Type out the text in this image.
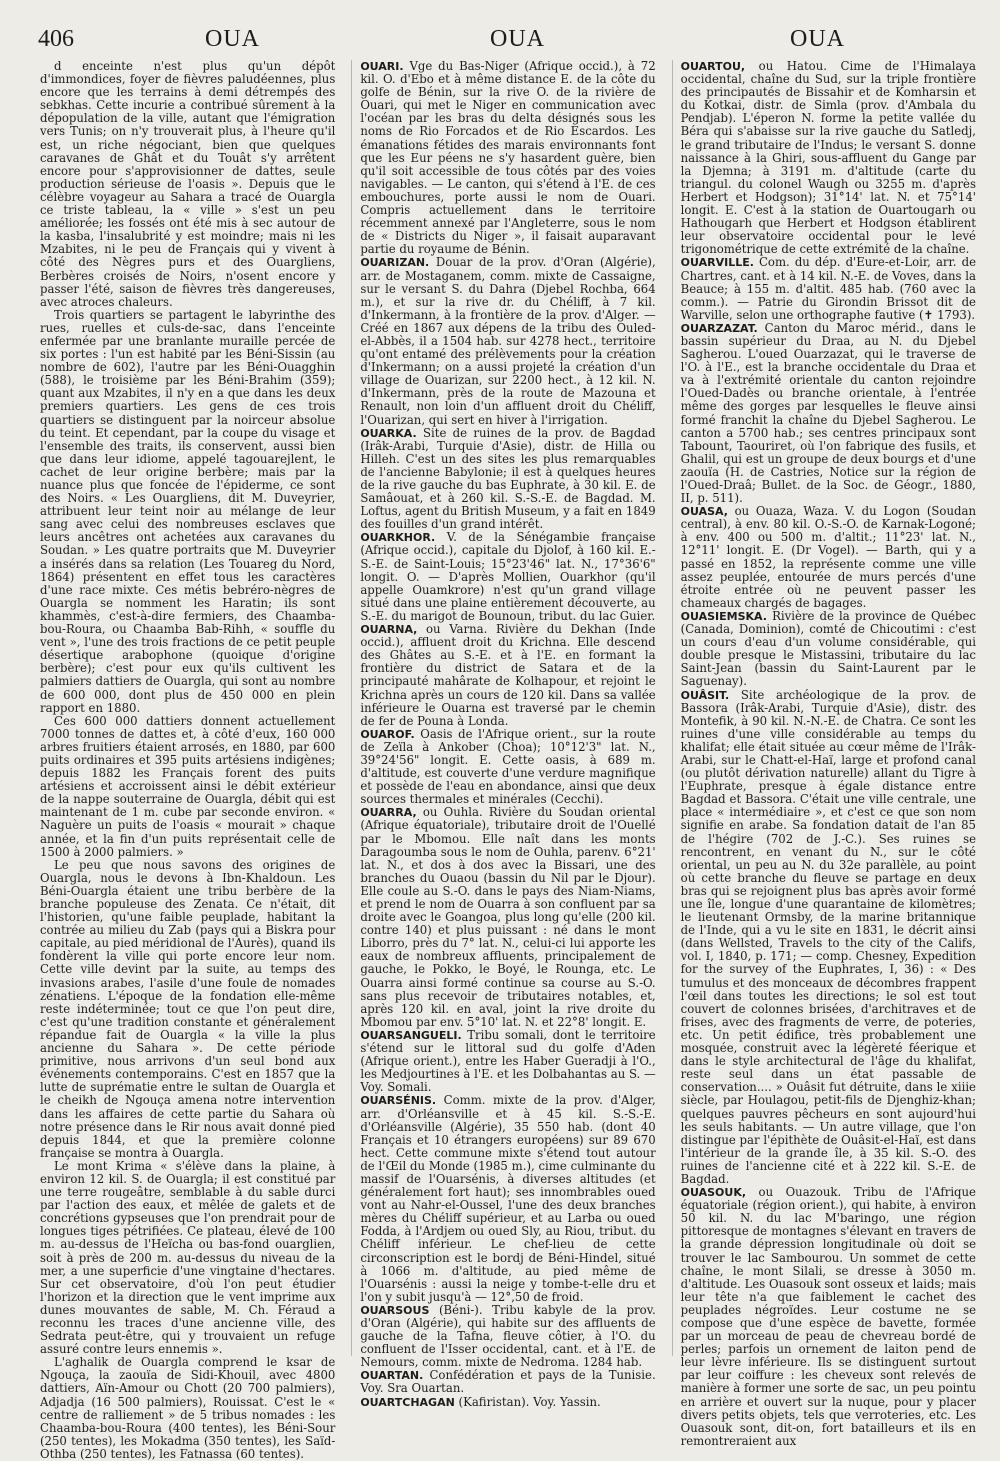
406	OUA	OUA	OUA

d enceinte n'est plus qu'un dépôt d'immondices, foyer de fièvres paludéennes, plus encore que les terrains à demi détrempés des sebkhas. Cette incurie a contribué sûrement à la dépopulation de la ville, autant que l'émigration vers Tunis; on n'y trouverait plus, à l'heure qu'il est, un riche négociant, bien que quelques caravanes de Ghât et du Touât s'y arrêtent encore pour s'approvisionner de dattes, seule production sérieuse de l'oasis ». Depuis que le célèbre voyageur au Sahara a tracé de Ouargla ce triste tableau, la « ville » s'est un peu améliorée; les fossés ont été mis à sec autour de la kasba, l'insalubrité y est moindre; mais ni les Mzabites, ni le peu de Français qui y vivent à côté des Nègres purs et des Ouargliens, Berbères croisés de Noirs, n'osent encore y passer l'été, saison de fièvres très dangereuses, avec atroces chaleurs.

Trois quartiers se partagent le labyrinthe des rues, ruelles et culs-de-sac, dans l'enceinte enfermée par une branlante muraille percée de six portes : l'un est habité par les Béni-Sissin (au nombre de 602), l'autre par les Béni-Ouagghin (588), le troisième par les Béni-Brahim (359); quant aux Mzabites, il n'y en a que dans les deux premiers quartiers. Les gens de ces trois quartiers se distinguent par la noirceur absolue du teint. Et cependant, par la coupe du visage et l'ensemble des traits, ils conservent, aussi bien que dans leur idiome, appelé tagouarejlent, le cachet de leur origine berbère; mais par la nuance plus que foncée de l'épiderme, ce sont des Noirs. « Les Ouargliens, dit M. Duveyrier, attribuent leur teint noir au mélange de leur sang avec celui des nombreuses esclaves que leurs ancêtres ont achetées aux caravanes du Soudan. » Les quatre portraits que M. Duveyrier a insérés dans sa relation (Les Touareg du Nord, 1864) présentent en effet tous les caractères d'une race mixte. Ces métis bebréro-nègres de Ouargla se nomment les Haratin; ils sont khammès, c'est-à-dire fermiers, des Chaamba-bou-Roura, ou Chaamba Bab-Rihh, « souffle du vent », l'une des trois fractions de ce petit peuple désertique arabophone (quoique d'origine berbère); c'est pour eux qu'ils cultivent les palmiers dattiers de Ouargla, qui sont au nombre de 600 000, dont plus de 450 000 en plein rapport en 1880.

Ces 600 000 dattiers donnent actuellement 7000 tonnes de dattes et, à côté d'eux, 160 000 arbres fruitiers étaient arrosés, en 1880, par 600 puits ordinaires et 395 puits artésiens indigènes; depuis 1882 les Français forent des puits artésiens et accroissent ainsi le débit extérieur de la nappe souterraine de Ouargla, débit qui est maintenant de 1 m. cube par seconde environ. « Naguère un puits de l'oasis « mourait » chaque année, et la fin d'un puits représentait celle de 1500 à 2000 palmiers. »

Le peu que nous savons des origines de Ouargla, nous le devons à Ibn-Khaldoun. Les Béni-Ouargla étaient une tribu berbère de la branche populeuse des Zenata. Ce n'était, dit l'historien, qu'une faible peuplade, habitant la contrée au milieu du Zab (pays qui a Biskra pour capitale, au pied méridional de l'Aurès), quand ils fondèrent la ville qui porte encore leur nom. Cette ville devint par la suite, au temps des invasions arabes, l'asile d'une foule de nomades zénatiens. L'époque de la fondation elle-même reste indéterminée; tout ce que l'on peut dire, c'est qu'une tradition constante et généralement répandue fait de Ouargla « la ville la plus ancienne du Sahara ». De cette période primitive, nous arrivons d'un seul bond aux événements contemporains. C'est en 1857 que la lutte de suprématie entre le sultan de Ouargla et le cheikh de Ngouça amena notre intervention dans les affaires de cette partie du Sahara où notre présence dans le Rir nous avait donné pied depuis 1844, et que la première colonne française se montra à Ouargla.

Le mont Krima « s'élève dans la plaine, à environ 12 kil. S. de Ouargla; il est constitué par une terre rougeâtre, semblable à du sable durci par l'action des eaux, et mêlée de galets et de concrétions gypseuses que l'on prendrait pour de longues tiges pétrifiées. Ce plateau, élevé de 100 m. au-dessus de l'Heïcha ou bas-fond ouarglien, soit à près de 200 m. au-dessus du niveau de la mer, a une superficie d'une vingtaine d'hectares. Sur cet observatoire, d'où l'on peut étudier l'horizon et la direction que le vent imprime aux dunes mouvantes de sable, M. Ch. Féraud a reconnu les traces d'une ancienne ville, des Sedrata peut-être, qui y trouvaient un refuge assuré contre leurs ennemis ».

L'aghalik de Ouargla comprend le ksar de Ngouça, la zaouïa de Sidi-Khouil, avec 4800 dattiers, Aïn-Amour ou Chott (20 700 palmiers), Adjadja (16 500 palmiers), Rouissat. C'est le « centre de ralliement » de 5 tribus nomades : les Chaamba-bou-Roura (400 tentes), les Béni-Sour (250 tentes), les Mokadma (350 tentes), les Saïd-Othba (250 tentes), les Fatnassa (60 tentes).

OUARI. Vge du Bas-Niger (Afrique occid.), à 72 kil. O. d'Ebo et à même distance E. de la côte du golfe de Bénin, sur la rive O. de la rivière de Ouari, qui met le Niger en communication avec l'océan par les bras du delta désignés sous les noms de Rio Forcados et de Rio Escardos. Les émanations fétides des marais environnants font que les Eur péens ne s'y hasardent guère, bien qu'il soit accessible de tous côtés par des voies navigables. — Le canton, qui s'étend à l'E. de ces embouchures, porte aussi le nom de Ouari. Compris actuellement dans le territoire récemment annexé par l'Angleterre, sous le nom de « Districts du Niger », il faisait auparavant partie du royaume de Bénin.

OUARIZAN. Douar de la prov. d'Oran (Algérie), arr. de Mostaganem, comm. mixte de Cassaigne, sur le versant S. du Dahra (Djebel Rochba, 664 m.), et sur la rive dr. du Chéliff, à 7 kil. d'Inkermann, à la frontière de la prov. d'Alger. — Créé en 1867 aux dépens de la tribu des Ouled-el-Abbès, il a 1504 hab. sur 4278 hect., territoire qu'ont entamé des prélèvements pour la création d'Inkermann; on a aussi projeté la création d'un village de Ouarizan, sur 2200 hect., à 12 kil. N. d'Inkermann, près de la route de Mazouna et Renault, non loin d'un affluent droit du Chéliff, l'Ouarizan, qui sert en hiver à l'irrigation.

OUARKA. Site de ruines de la prov. de Bagdad (Irâk-Arabi, Turquie d'Asie), distr. de Hilla ou Hilleh. C'est un des sites les plus remarquables de l'ancienne Babylonie; il est à quelques heures de la rive gauche du bas Euphrate, à 30 kil. E. de Samâouat, et à 260 kil. S.-S.-E. de Bagdad. M. Loftus, agent du British Museum, y a fait en 1849 des fouilles d'un grand intérêt.

OUARKHOR. V. de la Sénégambie française (Afrique occid.), capitale du Djolof, à 160 kil. E.-S.-E. de Saint-Louis; 15°23'46" lat. N., 17°36'6" longit. O. — D'après Mollien, Ouarkhor (qu'il appelle Ouamkrore) n'est qu'un grand village situé dans une plaine entièrement découverte, au S.-E. du marigot de Bounoun, tribut. du lac Guier.

OUARNA, ou Varna. Rivière du Dekhan (Inde occid.), affluent droit du Krichna. Elle descend des Ghâtes au S.-E. et à l'E. en formant la frontière du district de Satara et de la principauté mahârate de Kolhapour, et rejoint le Krichna après un cours de 120 kil. Dans sa vallée inférieure le Ouarna est traversé par le chemin de fer de Pouna à Londa.

OUAROF. Oasis de l'Afrique orient., sur la route de Zeïla à Ankober (Choa); 10°12'3" lat. N., 39°24'56" longit. E. Cette oasis, à 689 m. d'altitude, est couverte d'une verdure magnifique et possède de l'eau en abondance, ainsi que deux sources thermales et minérales (Cecchi).

OUARRA, ou Ouhla. Rivière du Soudan oriental (Afrique équatoriale), tributaire droit de l'Ouellé par le Mbomou. Elle naît dans les monts Daragoumba sous le nom de Ouhla, parenv. 6°21' lat. N., et dos à dos avec la Bissari, une des branches du Ouaou (bassin du Nil par le Djour). Elle coule au S.-O. dans le pays des Niam-Niams, et prend le nom de Ouarra à son confluent par sa droite avec le Goangoa, plus long qu'elle (200 kil. contre 140) et plus puissant : né dans le mont Liborro, près du 7° lat. N., celui-ci lui apporte les eaux de nombreux affluents, principalement de gauche, le Pokko, le Boyé, le Rounga, etc. Le Ouarra ainsi formé continue sa course au S.-O. sans plus recevoir de tributaires notables, et, après 120 kil. en aval, joint la rive droite du Mbomou par env. 5°10' lat. N. et 22°8' longit. E.

OUARSANGUELI. Tribu somali, dont le territoire s'étend sur le littoral sud du golfe d'Aden (Afrique orient.), entre les Haber Gueradji à l'O., les Medjourtines à l'E. et les Dolbahantas au S. — Voy. Somali.

OUARSÉNIS. Comm. mixte de la prov. d'Alger, arr. d'Orléansville et à 45 kil. S.-S.-E. d'Orléansville (Algérie), 35 550 hab. (dont 40 Français et 10 étrangers européens) sur 89 670 hect. Cette commune mixte s'étend tout autour de l'Œil du Monde (1985 m.), cime culminante du massif de l'Ouarsénis, à diverses altitudes (et généralement fort haut); ses innombrables oued vont au Nahr-el-Oussel, l'une des deux branches mères du Chéliff supérieur, et au Larba ou oued Fodda, à l'Ardjem ou oued Sly, au Riou, tribut. du Chéliff inférieur. Le chef-lieu de cette circonscription est le bordj de Béni-Hindel, situé à 1066 m. d'altitude, au pied même de l'Ouarsénis : aussi la neige y tombe-t-elle dru et l'on y subit jusqu'à — 12°,50 de froid.

OUARSOUS (Béni-). Tribu kabyle de la prov. d'Oran (Algérie), qui habite sur des affluents de gauche de la Tafna, fleuve côtier, à l'O. du confluent de l'Isser occidental, cant. et à l'E. de Nemours, comm. mixte de Nedroma. 1284 hab.

OUARTAN. Confédération et pays de la Tunisie. Voy. Sra Ouartan.

OUARTCHAGAN (Kafiristan). Voy. Yassin.

OUARTOU, ou Hatou. Cime de l'Himalaya occidental, chaîne du Sud, sur la triple frontière des principautés de Bissahir et de Komharsin et du Kotkai, distr. de Simla (prov. d'Ambala du Pendjab). L'éperon N. forme la petite vallée du Béra qui s'abaisse sur la rive gauche du Satledj, le grand tributaire de l'Indus; le versant S. donne naissance à la Ghiri, sous-affluent du Gange par la Djemna; à 3191 m. d'altitude (carte du triangul. du colonel Waugh ou 3255 m. d'après Herbert et Hodgson); 31°14' lat. N. et 75°14' longit. E. C'est à la station de Ouartougarh ou Hathougarh que Herbert et Hodgson établirent leur observatoire occidental pour le levé trigonométrique de cette extrémité de la chaîne.

OUARVILLE. Com. du dép. d'Eure-et-Loir, arr. de Chartres, cant. et à 14 kil. N.-E. de Voves, dans la Beauce; à 155 m. d'altit. 485 hab. (760 avec la comm.). — Patrie du Girondin Brissot dit de Warville, selon une orthographe fautive (✝ 1793).

OUARZAZAT. Canton du Maroc mérid., dans le bassin supérieur du Draa, au N. du Djebel Sagherou. L'oued Ouarzazat, qui le traverse de l'O. à l'E., est la branche occidentale du Draa et va à l'extrémité orientale du canton rejoindre l'Oued-Dadès ou branche orientale, à l'entrée même des gorges par lesquelles le fleuve ainsi formé franchit la chaîne du Djebel Sagherou. Le canton a 5700 hab.; ses centres principaux sont Tabount, Taouriret, où l'on fabrique des fusils, et Ghalil, qui est un groupe de deux bourgs et d'une zaouïa (H. de Castries, Notice sur la région de l'Oued-Draâ; Bullet. de la Soc. de Géogr., 1880, II, p. 511).

OUASA, ou Ouaza, Waza. V. du Logon (Soudan central), à env. 80 kil. O.-S.-O. de Karnak-Logoné; à env. 400 ou 500 m. d'altit.; 11°23' lat. N., 12°11' longit. E. (Dr Vogel). — Barth, qui y a passé en 1852, la représente comme une ville assez peuplée, entourée de murs percés d'une étroite entrée où ne peuvent passer les chameaux chargés de bagages.

OUASIEMSKA. Rivière de la province de Québec (Canada, Dominion), comté de Chicoutimi : c'est un cours d'eau d'un volume considérable, qui double presque le Mistassini, tributaire du lac Saint-Jean (bassin du Saint-Laurent par le Saguenay).

OUÂSIT. Site archéologique de la prov. de Bassora (Irâk-Arabi, Turquie d'Asie), distr. des Montefik, à 90 kil. N.-N.-E. de Chatra. Ce sont les ruines d'une ville considérable au temps du khalifat; elle était située au cœur même de l'Irâk-Arabi, sur le Chatt-el-Haï, large et profond canal (ou plutôt dérivation naturelle) allant du Tigre à l'Euphrate, presque à égale distance entre Bagdad et Bassora. C'était une ville centrale, une place « intermédiaire », et c'est ce que son nom signifie en arabe. Sa fondation datait de l'an 85 de l'hégire (702 de J.-C.). Ses ruines se rencontrent, en venant du N., sur le côté oriental, un peu au N. du 32e parallèle, au point où cette branche du fleuve se partage en deux bras qui se rejoignent plus bas après avoir formé une île, longue d'une quarantaine de kilomètres; le lieutenant Ormsby, de la marine britannique de l'Inde, qui a vu le site en 1831, le décrit ainsi (dans Wellsted, Travels to the city of the Califs, vol. I, 1840, p. 171; — comp. Chesney, Expedition for the survey of the Euphrates, I, 36) : « Des tumulus et des monceaux de décombres frappent l'œil dans toutes les directions; le sol est tout couvert de colonnes brisées, d'architraves et de frises, avec des fragments de verre, de poteries, etc. Un petit édifice, très probablement une mosquée, construit avec la légèreté féerique et dans le style architectural de l'âge du khalifat, reste seul dans un état passable de conservation.... » Ouâsit fut détruite, dans le xiiie siècle, par Houlagou, petit-fils de Djenghiz-khan; quelques pauvres pêcheurs en sont aujourd'hui les seuls habitants. — Un autre village, que l'on distingue par l'épithète de Ouâsit-el-Haï, est dans l'intérieur de la grande île, à 35 kil. S.-O. des ruines de l'ancienne cité et à 222 kil. S.-E. de Bagdad.

OUASOUK, ou Ouazouk. Tribu de l'Afrique équatoriale (région orient.), qui habite, à environ 50 kil. N. du lac M'baringo, une région pittoresque de montagnes s'élevant en travers de la grande dépression longitudinale où doit se trouver le lac Sambourou. Un sommet de cette chaîne, le mont Silali, se dresse à 3050 m. d'altitude. Les Ouasouk sont osseux et laids; mais leur tête n'a que faiblement le cachet des peuplades négroïdes. Leur costume ne se compose que d'une espèce de bavette, formée par un morceau de peau de chevreau bordé de perles; parfois un ornement de laiton pend de leur lèvre inférieure. Ils se distinguent surtout par leur coiffure : les cheveux sont relevés de manière à former une sorte de sac, un peu pointu en arrière et ouvert sur la nuque, pour y placer divers petits objets, tels que verroteries, etc. Les Ouasouk sont, dit-on, fort batailleurs et ils en remontreraient aux
